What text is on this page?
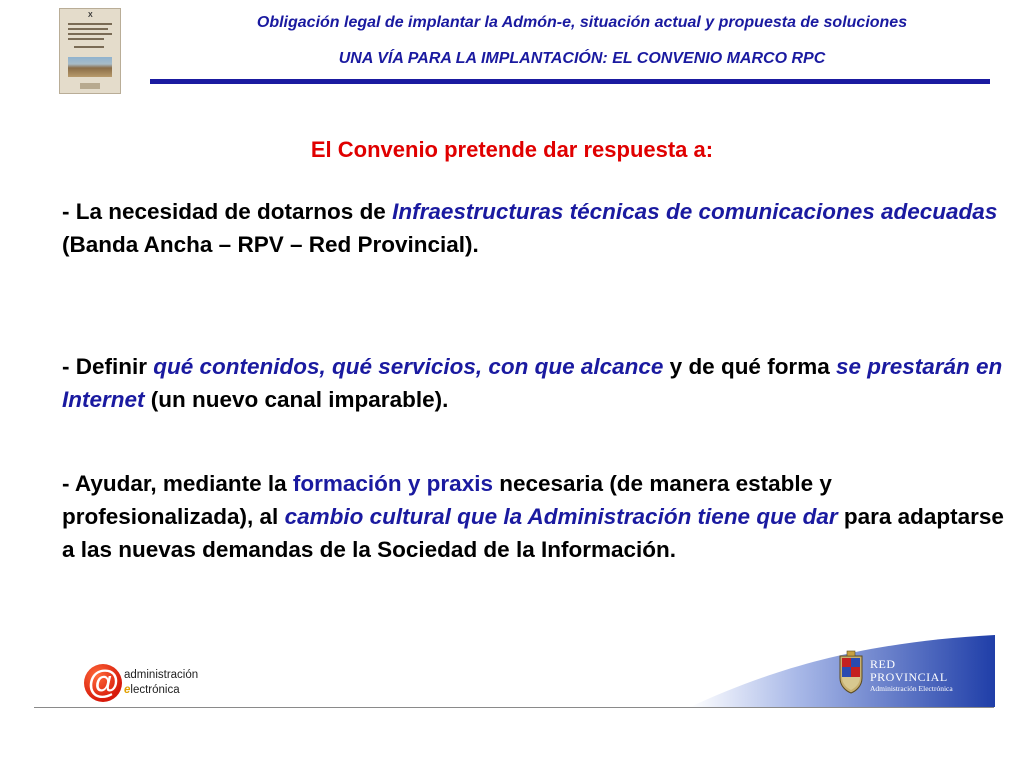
X	Obligación legal de implantar la Admón-e, situación actual y propuesta de soluciones
UNA VÍA PARA LA IMPLANTACIÓN: EL CONVENIO MARCO RPC
El Convenio pretende dar respuesta a:
- La necesidad de dotarnos de Infraestructuras técnicas de comunicaciones adecuadas (Banda Ancha – RPV – Red Provincial).
- Definir qué contenidos, qué servicios, con que alcance y de qué forma se prestarán en Internet (un nuevo canal imparable).
- Ayudar, mediante la formación y praxis necesaria (de manera estable y profesionalizada), al cambio cultural que la Administración tiene que dar para adaptarse a las nuevas demandas de la Sociedad de la Información.
@ administración
electrónica
RED
PROVINCIAL
Administración Electrónica
